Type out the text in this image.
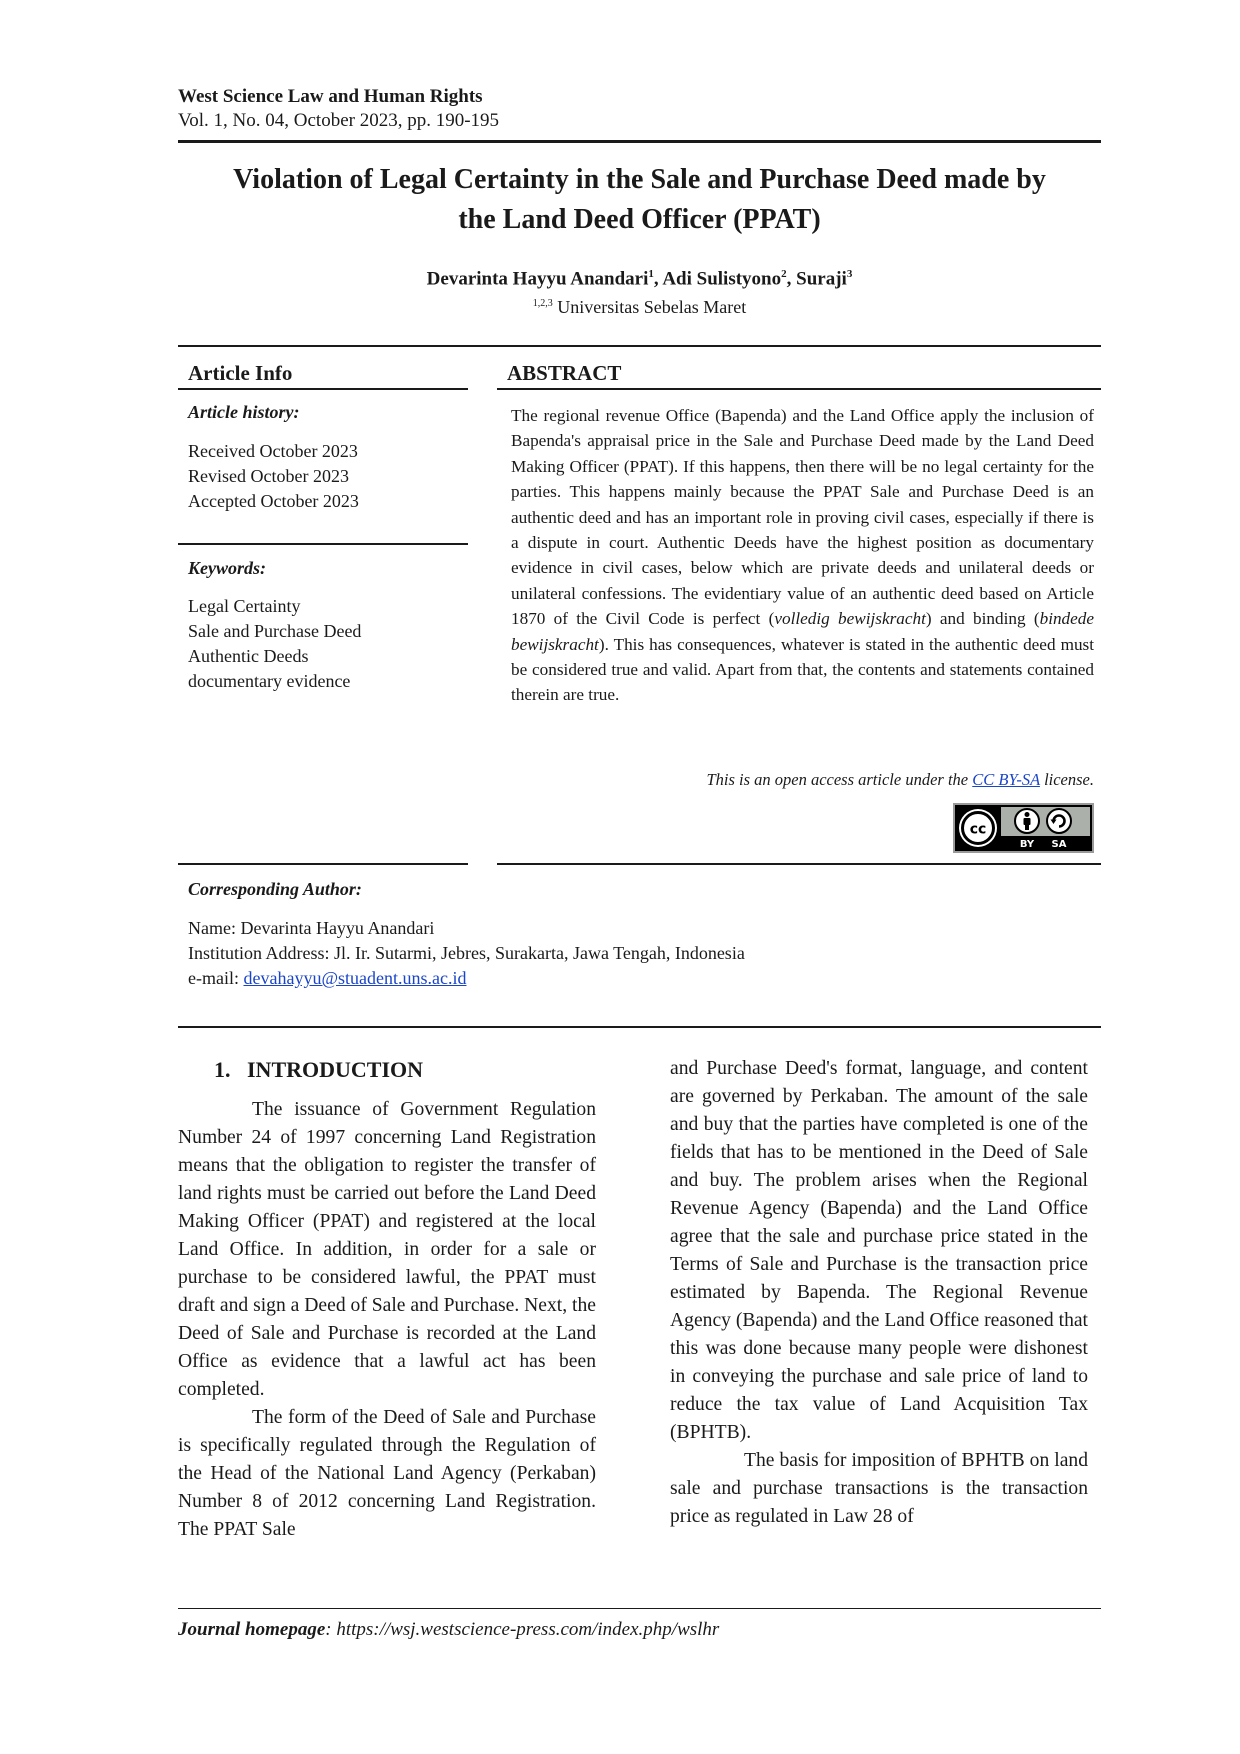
West Science Law and Human Rights
Vol. 1, No. 04, October 2023, pp. 190-195
Violation of Legal Certainty in the Sale and Purchase Deed made by
the Land Deed Officer (PPAT)
Devarinta Hayyu Anandari$^1$, Adi Sulistyono$^2$, Suraji$^3$
$^{1,2,3}$ Universitas Sebelas Maret
Article Info
Article history:
Received October 2023
Revised October 2023
Accepted October 2023
Keywords:
Legal Certainty
Sale and Purchase Deed
Authentic Deeds
documentary evidence
ABSTRACT
The regional revenue Office (Bapenda) and the Land Office apply the inclusion of Bapenda's appraisal price in the Sale and Purchase Deed made by the Land Deed Making Officer (PPAT). If this happens, then there will be no legal certainty for the parties. This happens mainly because the PPAT Sale and Purchase Deed is an authentic deed and has an important role in proving civil cases, especially if there is a dispute in court. Authentic Deeds have the highest position as documentary evidence in civil cases, below which are private deeds and unilateral deeds or unilateral confessions. The evidentiary value of an authentic deed based on Article 1870 of the Civil Code is perfect (volledig bewijskracht) and binding (bindede bewijskracht). This has consequences, whatever is stated in the authentic deed must be considered true and valid. Apart from that, the contents and statements contained therein are true.
This is an open access article under the CC BY-SA license.
cc
BY SA
Corresponding Author:
Name: Devarinta Hayyu Anandari
Institution Address: Jl. Ir. Sutarmi, Jebres, Surakarta, Jawa Tengah, Indonesia
e-mail: devahayyu@stuadent.uns.ac.id
1.   INTRODUCTION

The issuance of Government Regulation Number 24 of 1997 concerning Land Registration means that the obligation to register the transfer of land rights must be carried out before the Land Deed Making Officer (PPAT) and registered at the local Land Office. In addition, in order for a sale or purchase to be considered lawful, the PPAT must draft and sign a Deed of Sale and Purchase. Next, the Deed of Sale and Purchase is recorded at the Land Office as evidence that a lawful act has been completed.

The form of the Deed of Sale and Purchase is specifically regulated through the Regulation of the Head of the National Land Agency (Perkaban) Number 8 of 2012 concerning Land Registration. The PPAT Sale

and Purchase Deed's format, language, and content are governed by Perkaban. The amount of the sale and buy that the parties have completed is one of the fields that has to be mentioned in the Deed of Sale and buy. The problem arises when the Regional Revenue Agency (Bapenda) and the Land Office agree that the sale and purchase price stated in the Terms of Sale and Purchase is the transaction price estimated by Bapenda. The Regional Revenue Agency (Bapenda) and the Land Office reasoned that this was done because many people were dishonest in conveying the purchase and sale price of land to reduce the tax value of Land Acquisition Tax (BPHTB).

The basis for imposition of BPHTB on land sale and purchase transactions is the transaction price as regulated in Law 28 of

Journal homepage: https://wsj.westscience-press.com/index.php/wslhr
